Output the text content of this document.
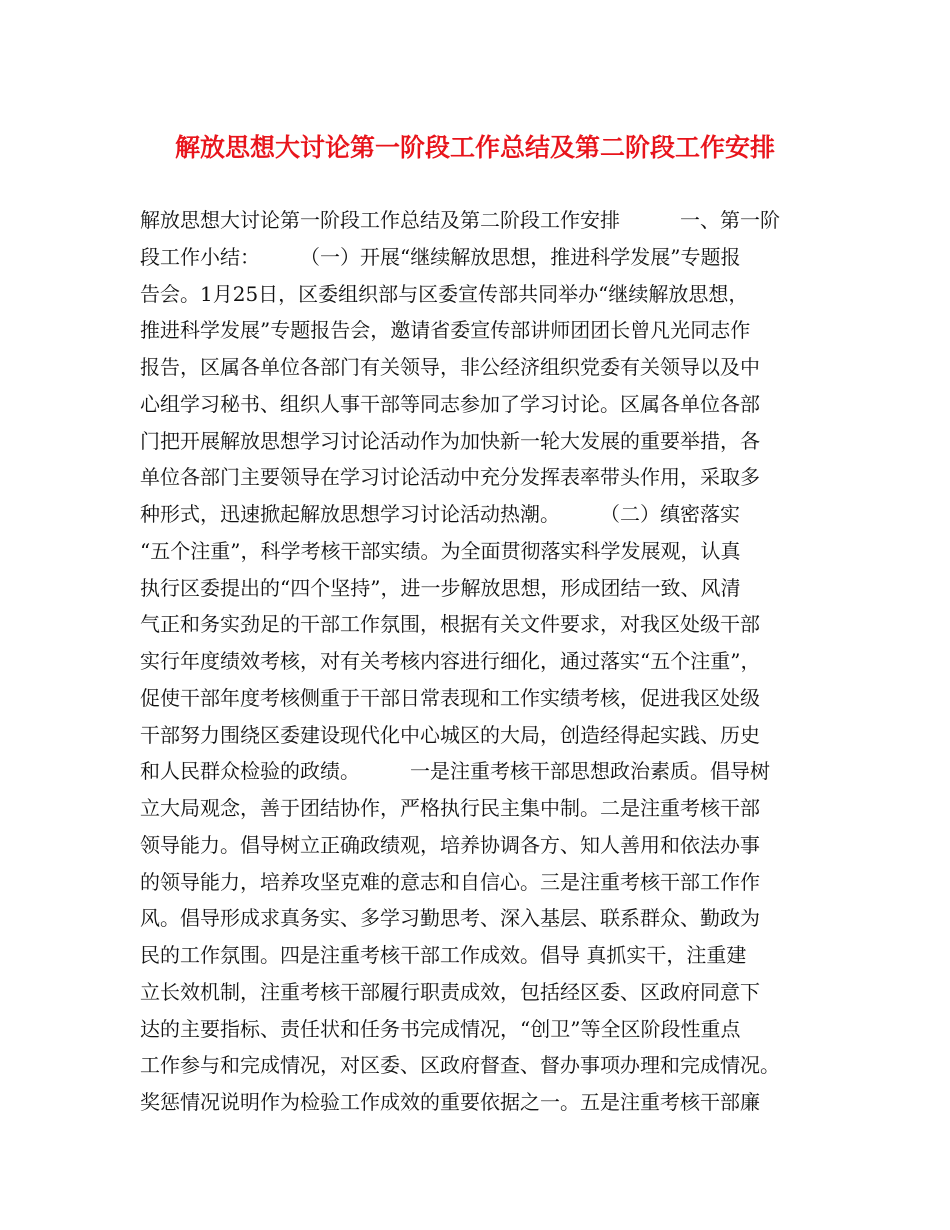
解放思想大讨论第一阶段工作总结及第二阶段工作安排
解放思想大讨论第一阶段工作总结及第二阶段工作安排　　　一、第一阶
段工作小结：　　　（一）开展“继续解放思想，推进科学发展”专题报
告会。1月25日，区委组织部与区委宣传部共同举办“继续解放思想，
推进科学发展”专题报告会，邀请省委宣传部讲师团团长曾凡光同志作
报告，区属各单位各部门有关领导，非公经济组织党委有关领导以及中
心组学习秘书、组织人事干部等同志参加了学习讨论。区属各单位各部
门把开展解放思想学习讨论活动作为加快新一轮大发展的重要举措，各
单位各部门主要领导在学习讨论活动中充分发挥表率带头作用，采取多
种形式，迅速掀起解放思想学习讨论活动热潮。　　　（二）缜密落实
“五个注重”，科学考核干部实绩。为全面贯彻落实科学发展观，认真
执行区委提出的“四个坚持”，进一步解放思想，形成团结一致、风清
气正和务实劲足的干部工作氛围，根据有关文件要求，对我区处级干部
实行年度绩效考核，对有关考核内容进行细化，通过落实“五个注重”，
促使干部年度考核侧重于干部日常表现和工作实绩考核，促进我区处级
干部努力围绕区委建设现代化中心城区的大局，创造经得起实践、历史
和人民群众检验的政绩。　　　一是注重考核干部思想政治素质。倡导树
立大局观念，善于团结协作，严格执行民主集中制。二是注重考核干部
领导能力。倡导树立正确政绩观，培养协调各方、知人善用和依法办事
的领导能力，培养攻坚克难的意志和自信心。三是注重考核干部工作作
风。倡导形成求真务实、多学习勤思考、深入基层、联系群众、勤政为
民的工作氛围。四是注重考核干部工作成效。倡导 真抓实干，注重建
立长效机制，注重考核干部履行职责成效，包括经区委、区政府同意下
达的主要指标、责任状和任务书完成情况，“创卫”等全区阶段性重点
工作参与和完成情况，对区委、区政府督查、督办事项办理和完成情况。
奖惩情况说明作为检验工作成效的重要依据之一。五是注重考核干部廉
